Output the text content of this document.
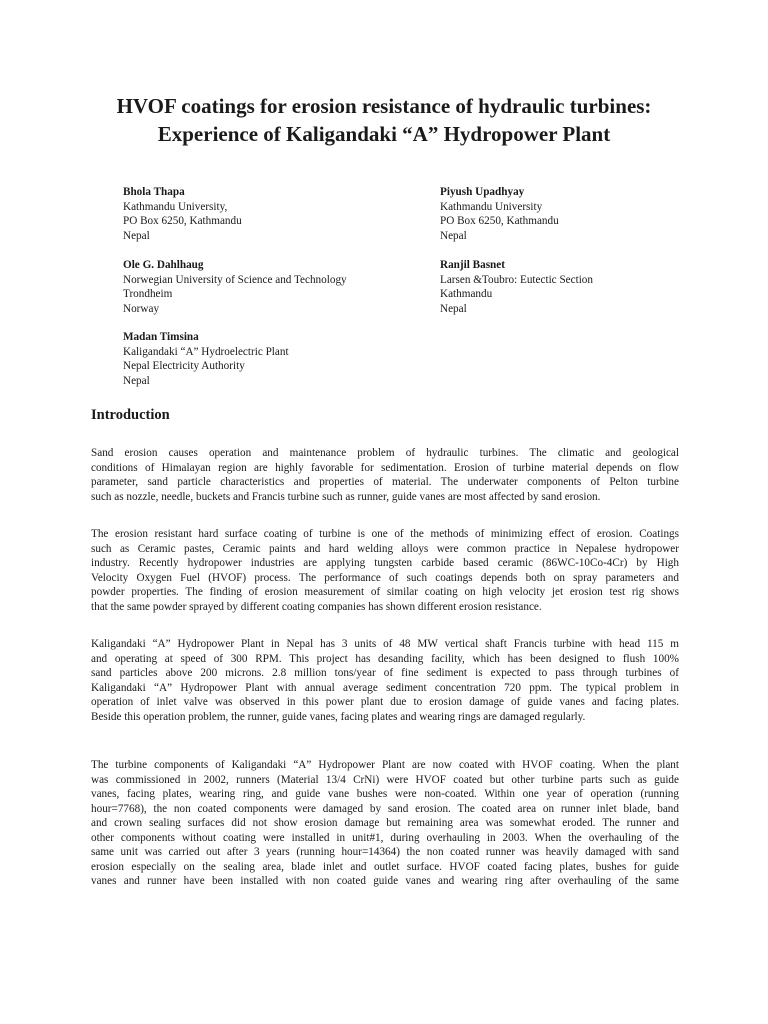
HVOF coatings for erosion resistance of hydraulic turbines:
Experience of Kaligandaki “A” Hydropower Plant
Bhola Thapa
Kathmandu University,
PO Box 6250, Kathmandu
Nepal
Piyush Upadhyay
Kathmandu University
PO Box 6250, Kathmandu
Nepal
Ole G. Dahlhaug
Norwegian University of Science and Technology
Trondheim
Norway
Ranjil Basnet
Larsen &Toubro: Eutectic Section
Kathmandu
Nepal
Madan Timsina
Kaligandaki “A” Hydroelectric Plant
Nepal Electricity Authority
Nepal
Introduction

Sand erosion causes operation and maintenance problem of hydraulic turbines. The climatic and geological
conditions of Himalayan region are highly favorable for sedimentation. Erosion of turbine material depends on flow
parameter, sand particle characteristics and properties of material. The underwater components of Pelton turbine
such as nozzle, needle, buckets and Francis turbine such as runner, guide vanes are most affected by sand erosion.

The erosion resistant hard surface coating of turbine is one of the methods of minimizing effect of erosion. Coatings
such as Ceramic pastes, Ceramic paints and hard welding alloys were common practice in Nepalese hydropower
industry. Recently hydropower industries are applying tungsten carbide based ceramic (86WC-10Co-4Cr) by High
Velocity Oxygen Fuel (HVOF) process. The performance of such coatings depends both on spray parameters and
powder properties. The finding of erosion measurement of similar coating on high velocity jet erosion test rig shows
that the same powder sprayed by different coating companies has shown different erosion resistance.

Kaligandaki “A” Hydropower Plant in Nepal has 3 units of 48 MW vertical shaft Francis turbine with head 115 m
and operating at speed of 300 RPM. This project has desanding facility, which has been designed to flush 100%
sand particles above 200 microns. 2.8 million tons/year of fine sediment is expected to pass through turbines of
Kaligandaki “A” Hydropower Plant with annual average sediment concentration 720 ppm. The typical problem in
operation of inlet valve was observed in this power plant due to erosion damage of guide vanes and facing plates.
Beside this operation problem, the runner, guide vanes, facing plates and wearing rings are damaged regularly.

The turbine components of Kaligandaki “A” Hydropower Plant are now coated with HVOF coating. When the plant
was commissioned in 2002, runners (Material 13/4 CrNi) were HVOF coated but other turbine parts such as guide
vanes, facing plates, wearing ring, and guide vane bushes were non-coated. Within one year of operation (running
hour=7768), the non coated components were damaged by sand erosion. The coated area on runner inlet blade, band
and crown sealing surfaces did not show erosion damage but remaining area was somewhat eroded. The runner and
other components without coating were installed in unit#1, during overhauling in 2003. When the overhauling of the
same unit was carried out after 3 years (running hour=14364) the non coated runner was heavily damaged with sand
erosion especially on the sealing area, blade inlet and outlet surface. HVOF coated facing plates, bushes for guide
vanes and runner have been installed with non coated guide vanes and wearing ring after overhauling of the same
